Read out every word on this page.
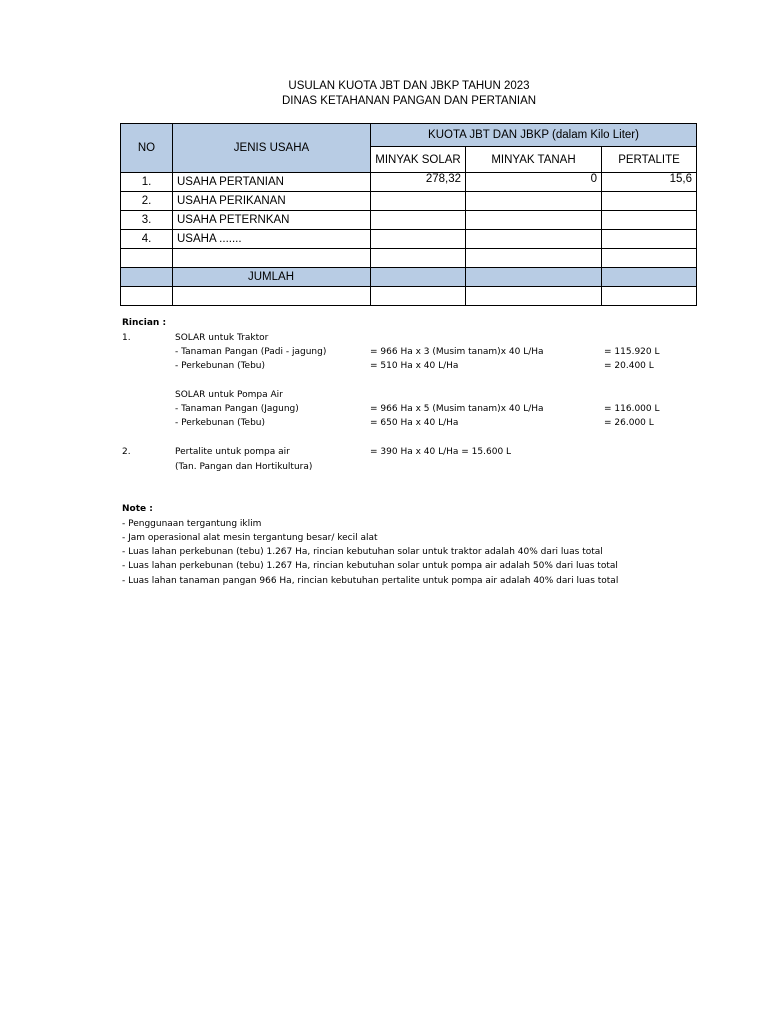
USULAN KUOTA JBT DAN JBKP TAHUN 2023
DINAS KETAHANAN PANGAN DAN PERTANIAN
NO	JENIS USAHA	KUOTA JBT DAN JBKP (dalam Kilo Liter)		
		MINYAK SOLAR	MINYAK TANAH	PERTALITE
1.	USAHA PERTANIAN	278,32	0	15,6
2.	USAHA PERIKANAN			
3.	USAHA PETERNKAN			
4.	USAHA .......			

	JUMLAH			

Rincian :
1.	SOLAR untuk Traktor
- Tanaman Pangan (Padi - jagung)	= 966 Ha x 3 (Musim tanam)x 40 L/Ha	= 115.920 L
- Perkebunan (Tebu)	= 510 Ha x 40 L/Ha	= 20.400 L
SOLAR untuk Pompa Air
- Tanaman Pangan (Jagung)	= 966 Ha x 5 (Musim tanam)x 40 L/Ha	= 116.000 L
- Perkebunan (Tebu)	= 650 Ha x 40 L/Ha	= 26.000 L
2.	Pertalite untuk pompa air	= 390 Ha x 40 L/Ha = 15.600 L
(Tan. Pangan dan Hortikultura)
Note :
- Penggunaan tergantung iklim
- Jam operasional alat mesin tergantung besar/ kecil alat
- Luas lahan perkebunan (tebu) 1.267 Ha, rincian kebutuhan solar untuk traktor adalah 40% dari luas total
- Luas lahan perkebunan (tebu) 1.267 Ha, rincian kebutuhan solar untuk pompa air adalah 50% dari luas total
- Luas lahan tanaman pangan 966 Ha, rincian kebutuhan pertalite untuk pompa air adalah 40% dari luas total
